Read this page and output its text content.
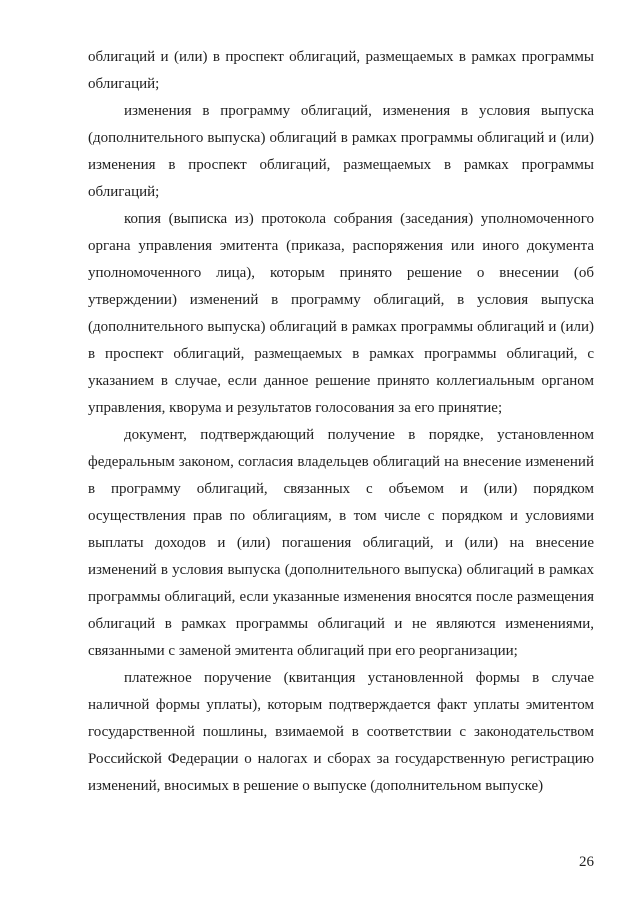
облигаций и (или) в проспект облигаций, размещаемых в рамках программы облигаций;

изменения в программу облигаций, изменения в условия выпуска (дополнительного выпуска) облигаций в рамках программы облигаций и (или) изменения в проспект облигаций, размещаемых в рамках программы облигаций;

копия (выписка из) протокола собрания (заседания) уполномоченного органа управления эмитента (приказа, распоряжения или иного документа уполномоченного лица), которым принято решение о внесении (об утверждении) изменений в программу облигаций, в условия выпуска (дополнительного выпуска) облигаций в рамках программы облигаций и (или) в проспект облигаций, размещаемых в рамках программы облигаций, с указанием в случае, если данное решение принято коллегиальным органом управления, кворума и результатов голосования за его принятие;

документ, подтверждающий получение в порядке, установленном федеральным законом, согласия владельцев облигаций на внесение изменений в программу облигаций, связанных с объемом и (или) порядком осуществления прав по облигациям, в том числе с порядком и условиями выплаты доходов и (или) погашения облигаций, и (или) на внесение изменений в условия выпуска (дополнительного выпуска) облигаций в рамках программы облигаций, если указанные изменения вносятся после размещения облигаций в рамках программы облигаций и не являются изменениями, связанными с заменой эмитента облигаций при его реорганизации;

платежное поручение (квитанция установленной формы в случае наличной формы уплаты), которым подтверждается факт уплаты эмитентом государственной пошлины, взимаемой в соответствии с законодательством Российской Федерации о налогах и сборах за государственную регистрацию изменений, вносимых в решение о выпуске (дополнительном выпуске)

26
